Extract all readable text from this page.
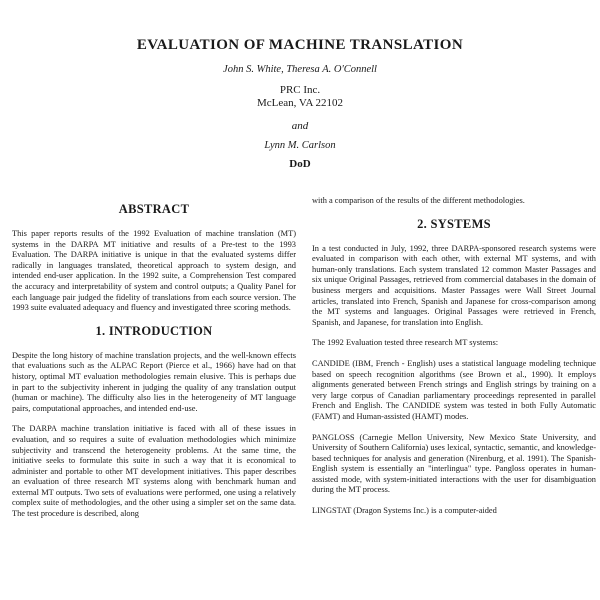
EVALUATION OF MACHINE TRANSLATION
John S. White, Theresa A. O'Connell
PRC Inc.
McLean, VA 22102
and
Lynn M. Carlson
DoD
ABSTRACT

This paper reports results of the 1992 Evaluation of machine translation (MT) systems in the DARPA MT initiative and results of a Pre-test to the 1993 Evaluation. The DARPA initiative is unique in that the evaluated systems differ radically in languages translated, theoretical approach to system design, and intended end-user application. In the 1992 suite, a Comprehension Test compared the accuracy and interpretability of system and control outputs; a Quality Panel for each language pair judged the fidelity of translations from each source version. The 1993 suite evaluated adequacy and fluency and investigated three scoring methods.

1. INTRODUCTION

Despite the long history of machine translation projects, and the well-known effects that evaluations such as the ALPAC Report (Pierce et al., 1966) have had on that history, optimal MT evaluation methodologies remain elusive. This is perhaps due in part to the subjectivity inherent in judging the quality of any translation output (human or machine). The difficulty also lies in the heterogeneity of MT language pairs, computational approaches, and intended end-use.

The DARPA machine translation initiative is faced with all of these issues in evaluation, and so requires a suite of evaluation methodologies which minimize subjectivity and transcend the heterogeneity problems. At the same time, the initiative seeks to formulate this suite in such a way that it is economical to administer and portable to other MT development initiatives. This paper describes an evaluation of three research MT systems along with benchmark human and external MT outputs. Two sets of evaluations were performed, one using a relatively complex suite of methodologies, and the other using a simpler set on the same data. The test procedure is described, along

with a comparison of the results of the different methodologies.

2. SYSTEMS

In a test conducted in July, 1992, three DARPA-sponsored research systems were evaluated in comparison with each other, with external MT systems, and with human-only translations. Each system translated 12 common Master Passages and six unique Original Passages, retrieved from commercial databases in the domain of business mergers and acquisitions. Master Passages were Wall Street Journal articles, translated into French, Spanish and Japanese for cross-comparison among the MT systems and languages. Original Passages were retrieved in French, Spanish, and Japanese, for translation into English.

The 1992 Evaluation tested three research MT systems:

CANDIDE (IBM, French - English) uses a statistical language modeling technique based on speech recognition algorithms (see Brown et al., 1990). It employs alignments generated between French strings and English strings by training on a very large corpus of Canadian parliamentary proceedings represented in parallel French and English. The CANDIDE system was tested in both Fully Automatic (FAMT) and Human-assisted (HAMT) modes.

PANGLOSS (Carnegie Mellon University, New Mexico State University, and University of Southern California) uses lexical, syntactic, semantic, and knowledge-based techniques for analysis and generation (Nirenburg, et al. 1991). The Spanish-English system is essentially an "interlingua" type. Pangloss operates in human-assisted mode, with system-initiated interactions with the user for disambiguation during the MT process.

LINGSTAT (Dragon Systems Inc.) is a computer-aided
